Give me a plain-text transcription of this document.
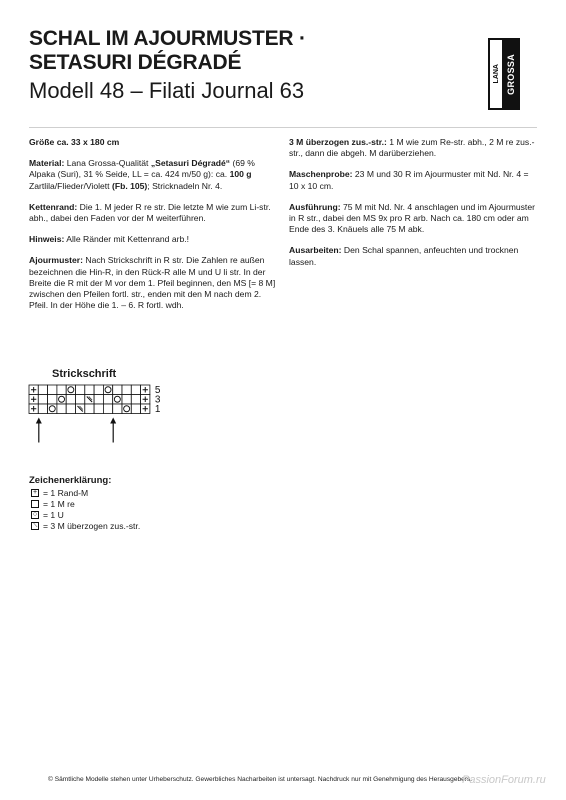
SCHAL IM AJOURMUSTER ·
SETASURI DÉGRADÉ
Modell 48 – Filati Journal 63
LANA GROSSA

Größe ca. 33 x 180 cm

Material: Lana Grossa-Qualität „Setasuri Dégradé“ (69 % Alpaka (Suri), 31 % Seide, LL = ca. 424 m/50 g): ca. 100 g Zartlila/Flieder/Violett (Fb. 105); Stricknadeln Nr. 4.

Kettenrand: Die 1. M jeder R re str. Die letzte M wie zum Li-str. abh., dabei den Faden vor der M weiterführen.

Hinweis: Alle Ränder mit Kettenrand arb.!

Ajourmuster: Nach Strickschrift in R str. Die Zahlen re außen bezeichnen die Hin-R, in den Rück-R alle M und U li str. In der Breite die R mit der M vor dem 1. Pfeil beginnen, den MS [= 8 M] zwischen den Pfeilen fortl. str., enden mit den M nach dem 2. Pfeil. In der Höhe die 1. – 6. R fortl. wdh.

3 M überzogen zus.-str.: 1 M wie zum Re-str. abh., 2 M re zus.-str., dann die abgeh. M darüberziehen.

Maschenprobe: 23 M und 30 R im Ajourmuster mit Nd. Nr. 4 = 10 x 10 cm.

Ausführung: 75 M mit Nd. Nr. 4 anschlagen und im Ajourmuster in R str., dabei den MS 9x pro R arb. Nach ca. 180 cm oder am Ende des 3. Knäuels alle 75 M abk.

Ausarbeiten: Den Schal spannen, anfeuchten und trocknen lassen.

Strickschrift
5
3
1
Zeichenerklärung:
+ = 1 Rand-M
= 1 M re
○ = 1 U
⟍ = 3 M überzogen zus.-str.
© Sämtliche Modelle stehen unter Urheberschutz. Gewerbliches Nacharbeiten ist untersagt. Nachdruck nur mit Genehmigung des Herausgebers.
PassionForum.ru
